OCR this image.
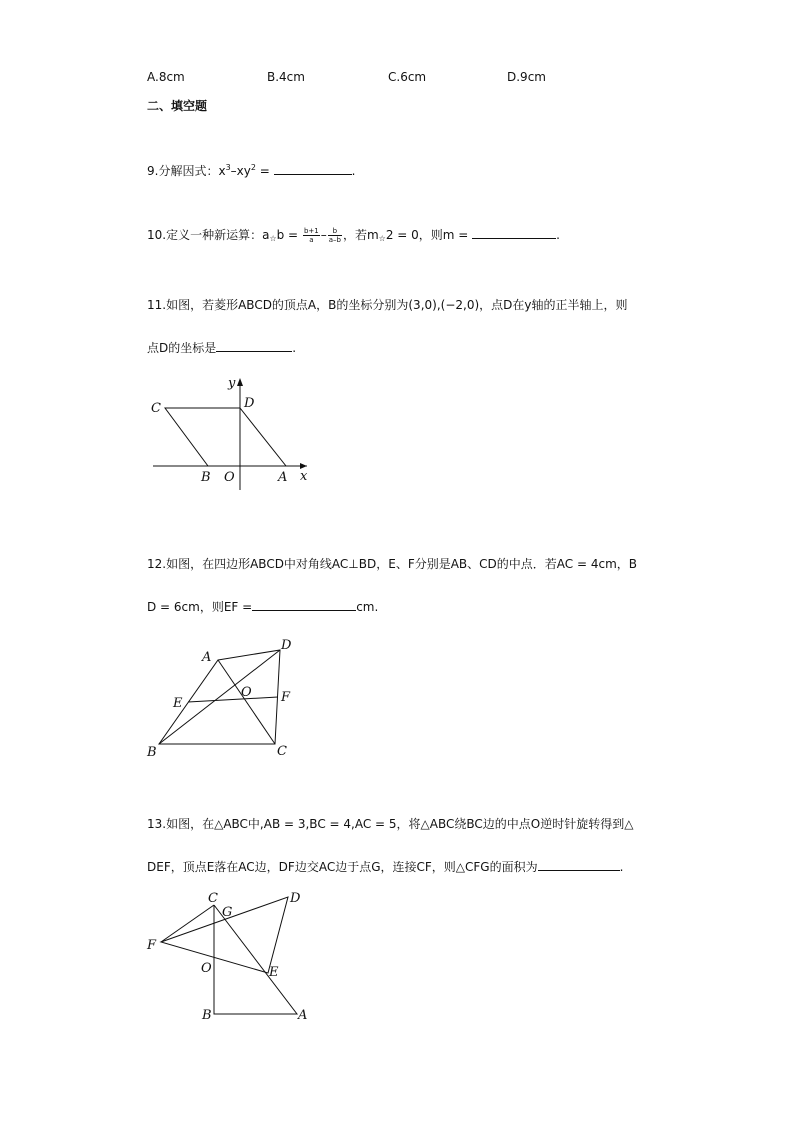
A.8cm	B.4cm	C.6cm	D.9cm
二、填空题
9.分解因式：$x^3-xy^2$ =	.
10.定义一种新运算：a☆b = $\frac{b+1}{a} - \frac{b}{a-b}$ ，若m☆2 = 0，则m =	.
11.如图，若菱形ABCD的顶点A，B的坐标分别为(3,0),(−2,0)，点D在y轴的正半轴上，则
点D的坐标是	.
C	D
B O	A x
y
12.如图，在四边形ABCD中对角线AC⊥BD，E、F分别是AB、CD的中点．若AC = 4cm，B
D = 6cm，则EF =	cm.
A
D
E
O F
B	C
13.如图，在△ABC中,AB = 3,BC = 4,AC = 5，将△ABC绕BC边的中点O逆时针旋转得到△
DEF，顶点E落在AC边，DF边交AC边于点G，连接CF，则△CFG的面积为	.
C
G
D
F
O	E
B	A
